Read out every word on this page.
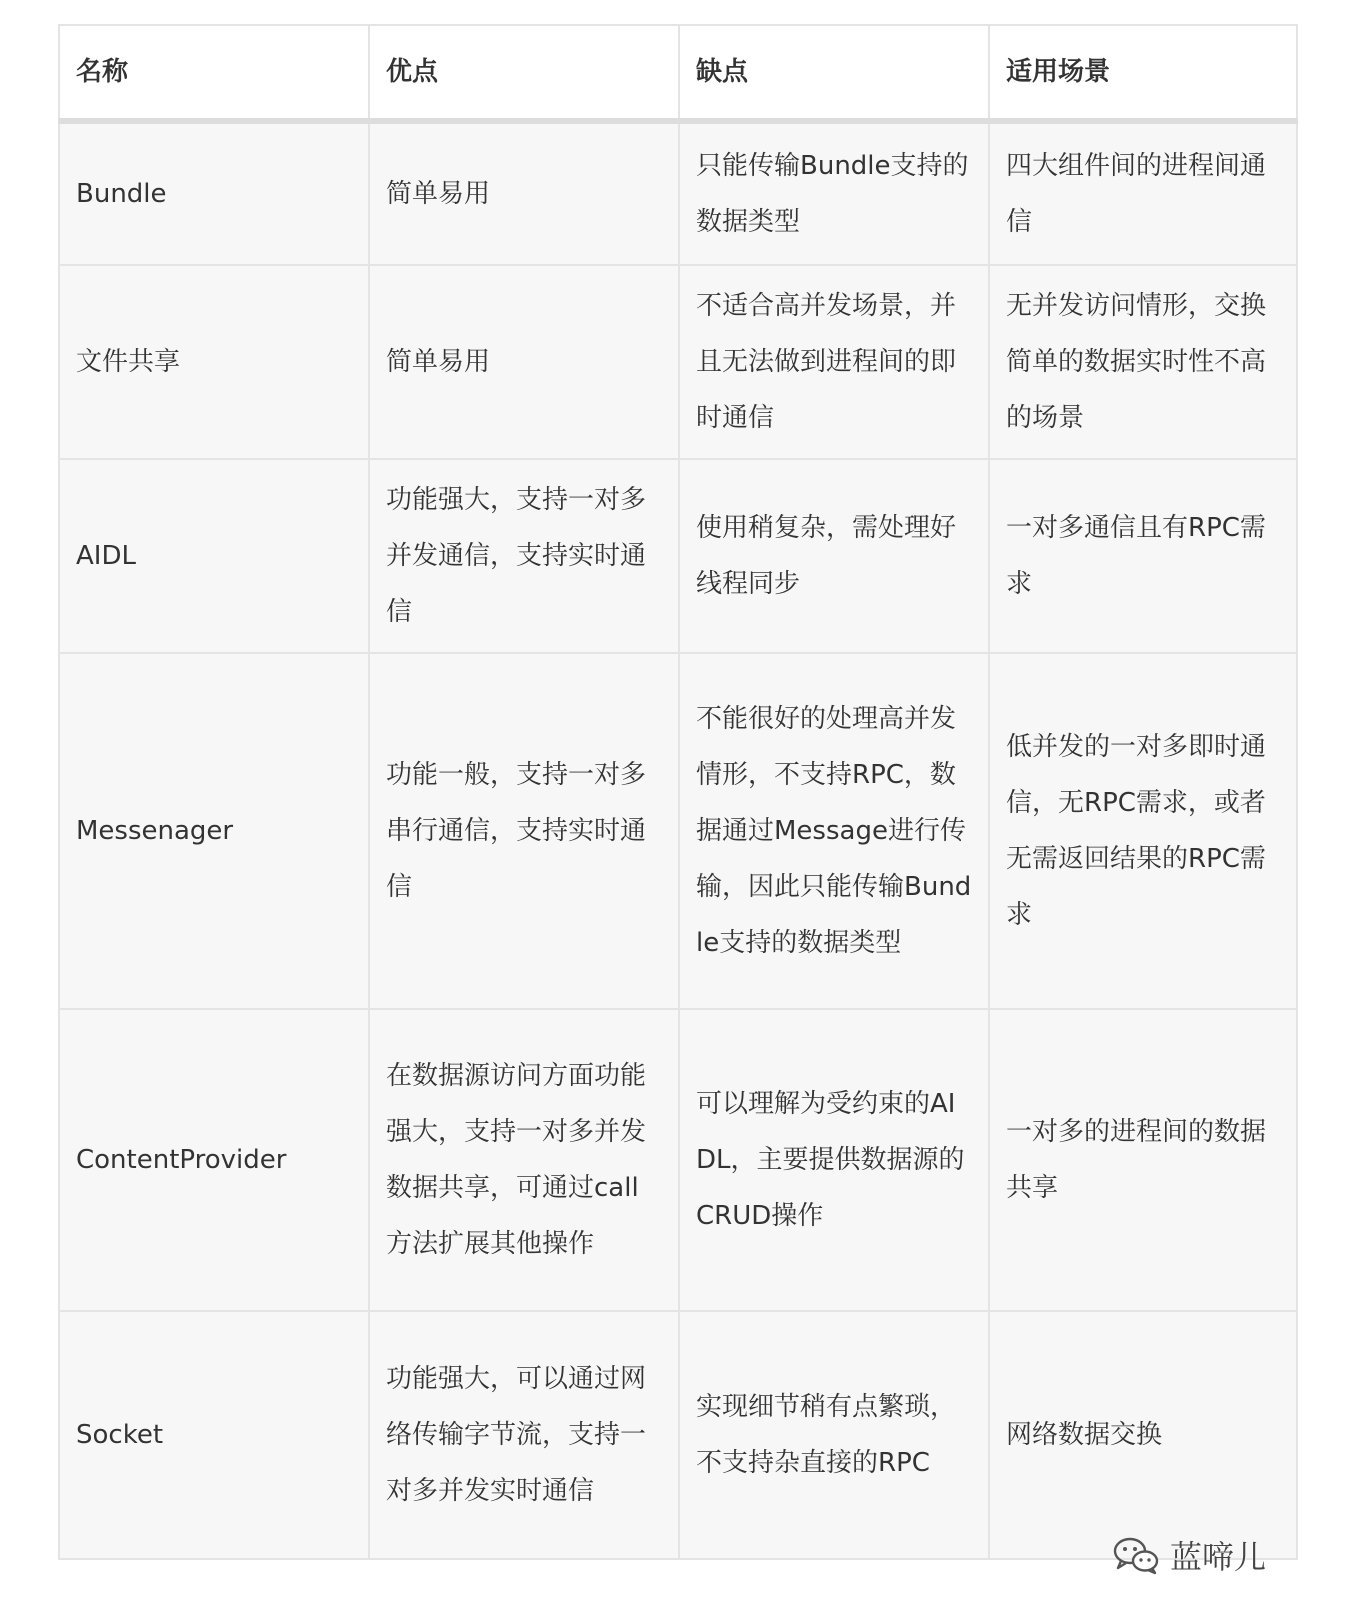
名称	优点	缺点	适用场景
Bundle	简单易用	只能传输Bundle支持的数据类型	四大组件间的进程间通信
文件共享	简单易用	不适合高并发场景，并且无法做到进程间的即时通信	无并发访问情形，交换简单的数据实时性不高的场景
AIDL	功能强大，支持一对多并发通信，支持实时通信	使用稍复杂，需处理好线程同步	一对多通信且有RPC需求
Messenager	功能一般，支持一对多串行通信，支持实时通信	不能很好的处理高并发情形，不支持RPC，数据通过Message进行传输，因此只能传输Bundle支持的数据类型	低并发的一对多即时通信，无RPC需求，或者无需返回结果的RPC需求
ContentProvider	在数据源访问方面功能强大，支持一对多并发数据共享，可通过call方法扩展其他操作	可以理解为受约束的AIDL，主要提供数据源的CRUD操作	一对多的进程间的数据共享
Socket	功能强大，可以通过网络传输字节流，支持一对多并发实时通信	实现细节稍有点繁琐，不支持杂直接的RPC	网络数据交换
蓝啼儿
